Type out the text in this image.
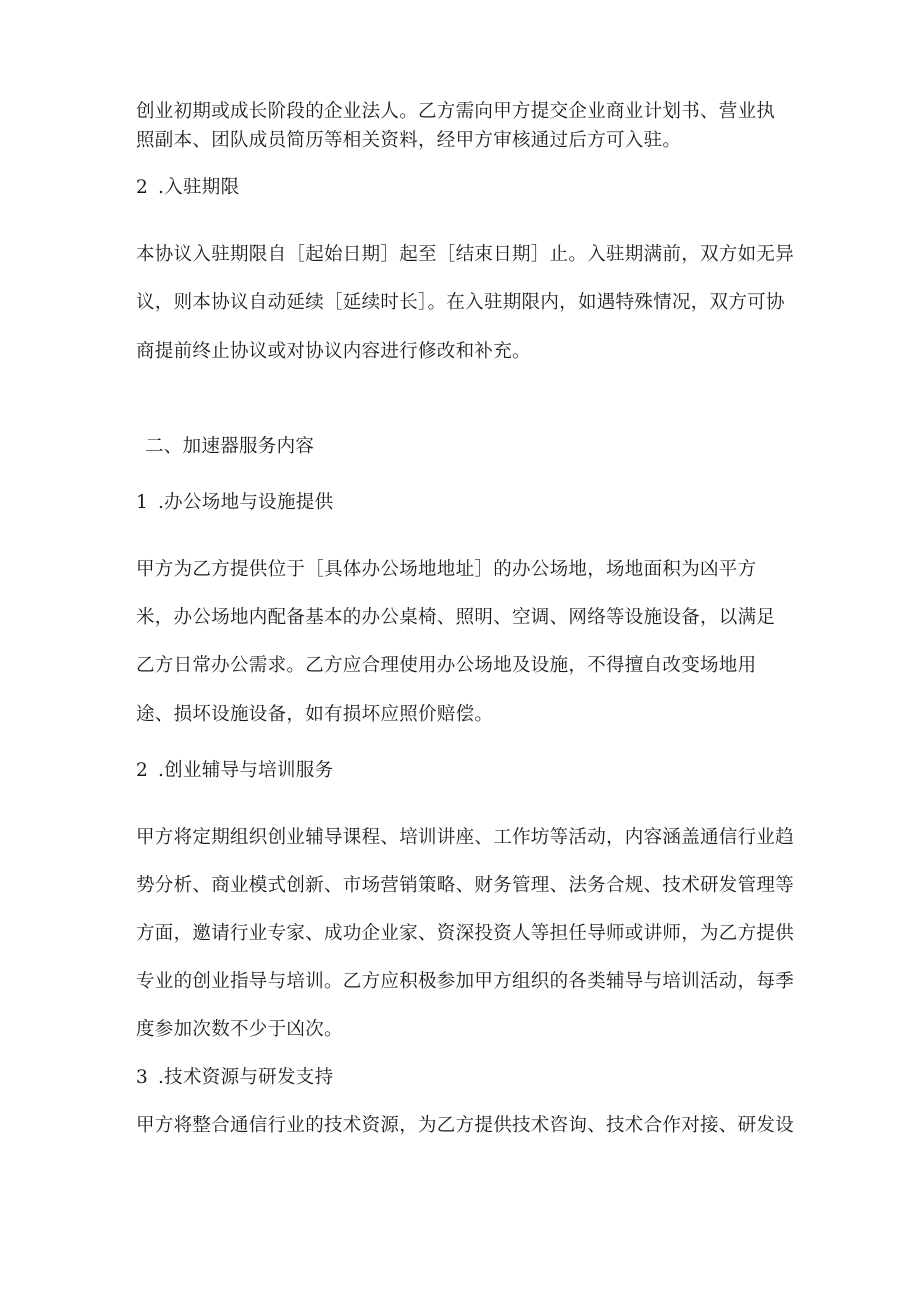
创业初期或成长阶段的企业法人。乙方需向甲方提交企业商业计划书、营业执
照副本、团队成员简历等相关资料，经甲方审核通过后方可入驻。
2 .入驻期限
本协议入驻期限自［起始日期］起至［结束日期］止。入驻期满前，双方如无异
议，则本协议自动延续［延续时长］。在入驻期限内，如遇特殊情况，双方可协
商提前终止协议或对协议内容进行修改和补充。
二、加速器服务内容
1 .办公场地与设施提供
甲方为乙方提供位于［具体办公场地地址］的办公场地，场地面积为凶平方
米，办公场地内配备基本的办公桌椅、照明、空调、网络等设施设备，以满足
乙方日常办公需求。乙方应合理使用办公场地及设施，不得擅自改变场地用
途、损坏设施设备，如有损坏应照价赔偿。
2 .创业辅导与培训服务
甲方将定期组织创业辅导课程、培训讲座、工作坊等活动，内容涵盖通信行业趋
势分析、商业模式创新、市场营销策略、财务管理、法务合规、技术研发管理等
方面，邀请行业专家、成功企业家、资深投资人等担任导师或讲师，为乙方提供
专业的创业指导与培训。乙方应积极参加甲方组织的各类辅导与培训活动，每季
度参加次数不少于凶次。
3 .技术资源与研发支持
甲方将整合通信行业的技术资源，为乙方提供技术咨询、技术合作对接、研发设
